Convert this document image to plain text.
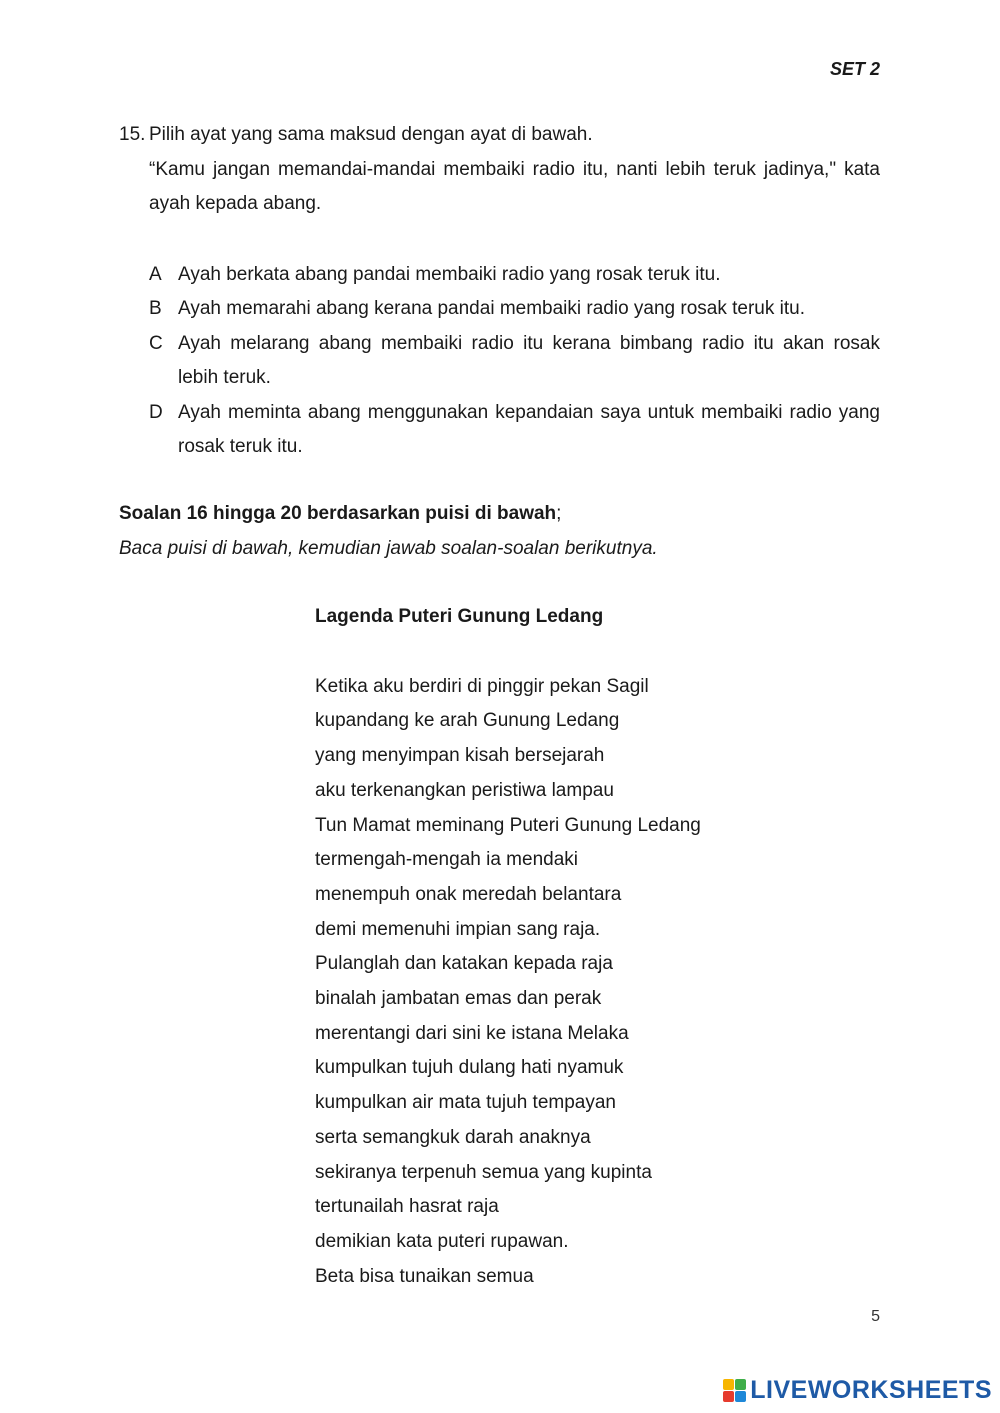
SET 2
15. Pilih ayat yang sama maksud dengan ayat di bawah.
“Kamu jangan memandai-mandai membaiki radio itu, nanti lebih teruk jadinya," kata ayah kepada abang.
A Ayah berkata abang pandai membaiki radio yang rosak teruk itu.
B Ayah memarahi abang kerana pandai membaiki radio yang rosak teruk itu.
C Ayah melarang abang membaiki radio itu kerana bimbang radio itu akan rosak lebih teruk.
D Ayah meminta abang menggunakan kepandaian saya untuk membaiki radio yang rosak teruk itu.
Soalan 16 hingga 20 berdasarkan puisi di bawah;
Baca puisi di bawah, kemudian jawab soalan-soalan berikutnya.
Lagenda Puteri Gunung Ledang
Ketika aku berdiri di pinggir pekan Sagil
kupandang ke arah Gunung Ledang
yang menyimpan kisah bersejarah
aku terkenangkan peristiwa lampau
Tun Mamat meminang Puteri Gunung Ledang
termengah-mengah ia mendaki
menempuh onak meredah belantara
demi memenuhi impian sang raja.
Pulanglah dan katakan kepada raja
binalah jambatan emas dan perak
merentangi dari sini ke istana Melaka
kumpulkan tujuh dulang hati nyamuk
kumpulkan air mata tujuh tempayan
serta semangkuk darah anaknya
sekiranya terpenuh semua yang kupinta
tertunailah hasrat raja
demikian kata puteri rupawan.
Beta bisa tunaikan semua
5
LIVEWORKSHEETS
